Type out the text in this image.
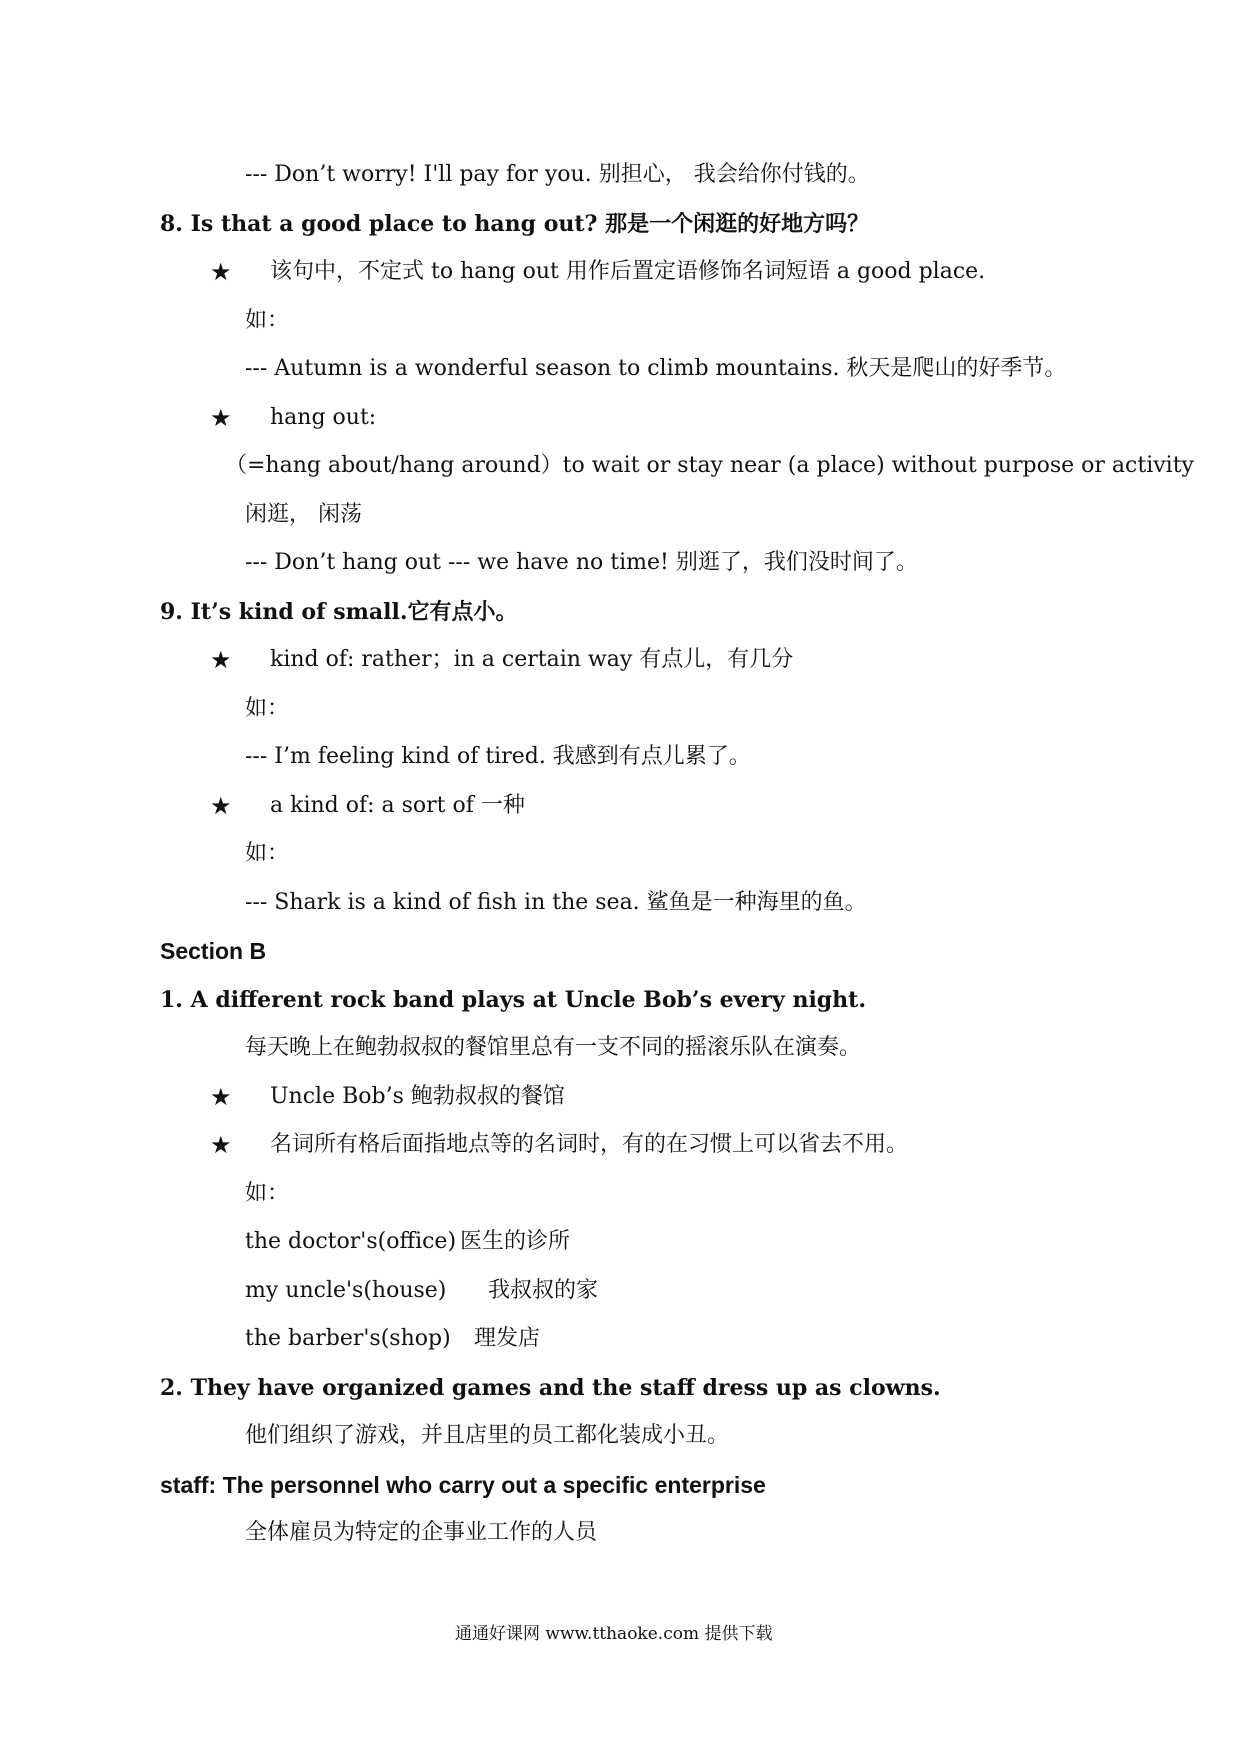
--- Don’t worry! I'll pay for you. 别担心， 我会给你付钱的。
8. Is that a good place to hang out? 那是一个闲逛的好地方吗？
★ 该句中，不定式 to hang out 用作后置定语修饰名词短语 a good place.
如：
--- Autumn is a wonderful season to climb mountains. 秋天是爬山的好季节。
★ hang out:
（=hang about/hang around）to wait or stay near (a place) without purpose or activity
闲逛， 闲荡
--- Don’t hang out --- we have no time! 别逛了，我们没时间了。
9. It’s kind of small.它有点小。
★ kind of: rather；in a certain way 有点儿，有几分
如：
--- I’m feeling kind of tired. 我感到有点儿累了。
★ a kind of: a sort of 一种
如：
--- Shark is a kind of fish in the sea. 鲨鱼是一种海里的鱼。
Section B
1. A different rock band plays at Uncle Bob’s every night.
每天晚上在鲍勃叔叔的餐馆里总有一支不同的摇滚乐队在演奏。
★ Uncle Bob’s 鲍勃叔叔的餐馆
★ 名词所有格后面指地点等的名词时，有的在习惯上可以省去不用。
如：
the doctor's(office) 医生的诊所
my uncle's(house) 我叔叔的家
the barber's(shop) 理发店
2. They have organized games and the staff dress up as clowns.
他们组织了游戏，并且店里的员工都化装成小丑。
staff: The personnel who carry out a specific enterprise
全体雇员为特定的企事业工作的人员
通通好课网 www.tthaoke.com 提供下载
